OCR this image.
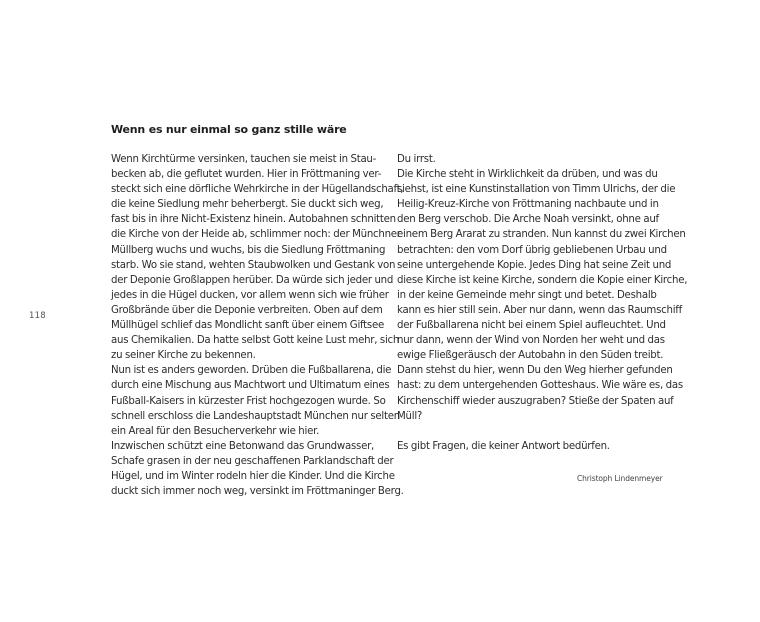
118
Wenn es nur einmal so ganz stille wäre
Wenn Kirchtürme versinken, tauchen sie meist in Stau-
becken ab, die geflutet wurden. Hier in Fröttmaning ver-
steckt sich eine dörfliche Wehrkirche in der Hügellandschaft,
die keine Siedlung mehr beherbergt. Sie duckt sich weg,
fast bis in ihre Nicht-Existenz hinein. Autobahnen schnitten
die Kirche von der Heide ab, schlimmer noch: der Münchner
Müllberg wuchs und wuchs, bis die Siedlung Fröttmaning
starb. Wo sie stand, wehten Staubwolken und Gestank von
der Deponie Großlappen herüber. Da würde sich jeder und
jedes in die Hügel ducken, vor allem wenn sich wie früher
Großbrände über die Deponie verbreiten. Oben auf dem
Müllhügel schlief das Mondlicht sanft über einem Giftsee
aus Chemikalien. Da hatte selbst Gott keine Lust mehr, sich
zu seiner Kirche zu bekennen.
Nun ist es anders geworden. Drüben die Fußballarena, die
durch eine Mischung aus Machtwort und Ultimatum eines
Fußball-Kaisers in kürzester Frist hochgezogen wurde. So
schnell erschloss die Landeshauptstadt München nur selten
ein Areal für den Besucherverkehr wie hier.
Inzwischen schützt eine Betonwand das Grundwasser,
Schafe grasen in der neu geschaffenen Parklandschaft der
Hügel, und im Winter rodeln hier die Kinder. Und die Kirche
duckt sich immer noch weg, versinkt im Fröttmaninger Berg.
Du irrst.
Die Kirche steht in Wirklichkeit da drüben, und was du
siehst, ist eine Kunstinstallation von Timm Ulrichs, der die
Heilig-Kreuz-Kirche von Fröttmaning nachbaute und in
den Berg verschob. Die Arche Noah versinkt, ohne auf
einem Berg Ararat zu stranden. Nun kannst du zwei Kirchen
betrachten: den vom Dorf übrig gebliebenen Urbau und
seine untergehende Kopie. Jedes Ding hat seine Zeit und
diese Kirche ist keine Kirche, sondern die Kopie einer Kirche,
in der keine Gemeinde mehr singt und betet. Deshalb
kann es hier still sein. Aber nur dann, wenn das Raumschiff
der Fußballarena nicht bei einem Spiel aufleuchtet. Und
nur dann, wenn der Wind von Norden her weht und das
ewige Fließgeräusch der Autobahn in den Süden treibt.
Dann stehst du hier, wenn Du den Weg hierher gefunden
hast: zu dem untergehenden Gotteshaus. Wie wäre es, das
Kirchenschiff wieder auszugraben? Stieße der Spaten auf
Müll?
Es gibt Fragen, die keiner Antwort bedürfen.
Christoph Lindenmeyer
